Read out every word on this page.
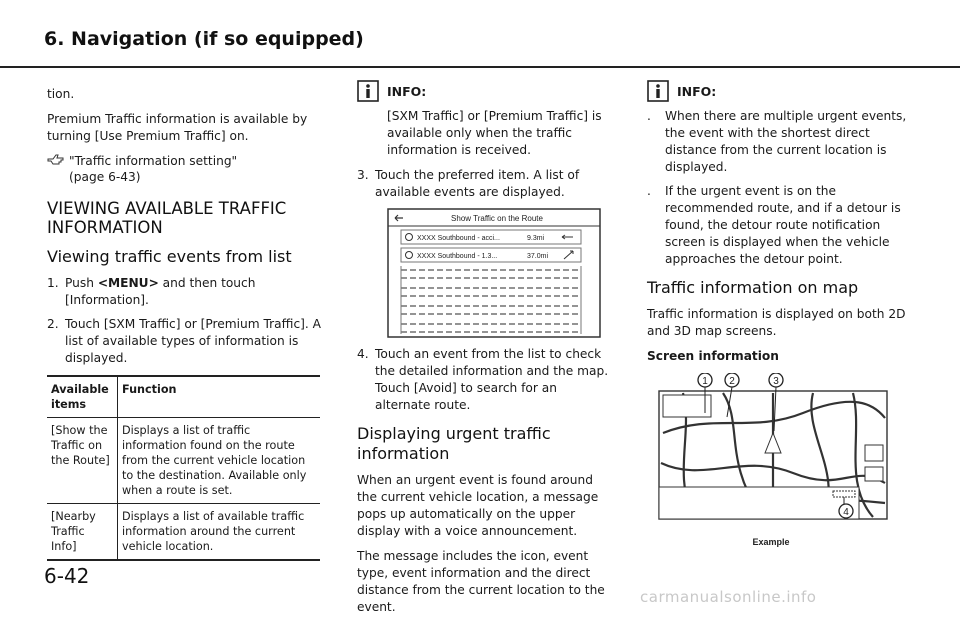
6. Navigation (if so equipped)

tion.

Premium Traffic information is available by turning [Use Premium Traffic] on.

"Traffic information setting"
(page 6-43)
VIEWING AVAILABLE TRAFFIC INFORMATION
Viewing traffic events from list
1. Push <MENU> and then touch [Information].
2. Touch [SXM Traffic] or [Premium Traffic]. A list of available types of information is displayed.
Available items	Function
[Show the Traffic on the Route]	Displays a list of traffic information found on the route from the current vehicle location to the destination. Available only when a route is set.
[Nearby Traffic Info]	Displays a list of available traffic information around the current vehicle location.
INFO:

[SXM Traffic] or [Premium Traffic] is available only when the traffic information is received.

3. Touch the preferred item. A list of available events are displayed.
Show Traffic on the Route
XXXX Southbound - acci...	9.3mi
XXXX Southbound - 1.3...	37.0mi
4. Touch an event from the list to check the detailed information and the map. Touch [Avoid] to search for an alternate route.
Displaying urgent traffic information

When an urgent event is found around the current vehicle location, a message pops up automatically on the upper display with a voice announcement.

The message includes the icon, event type, event information and the direct distance from the current location to the event.

INFO:
.	When there are multiple urgent events, the event with the shortest direct distance from the current location is displayed.
.	If the urgent event is on the recommended route, and if a detour is found, the detour route notification screen is displayed when the vehicle approaches the detour point.
Traffic information on map

Traffic information is displayed on both 2D and 3D map screens.

Screen information

1 2	3
4
Example
6-42
carmanualsonline.info
